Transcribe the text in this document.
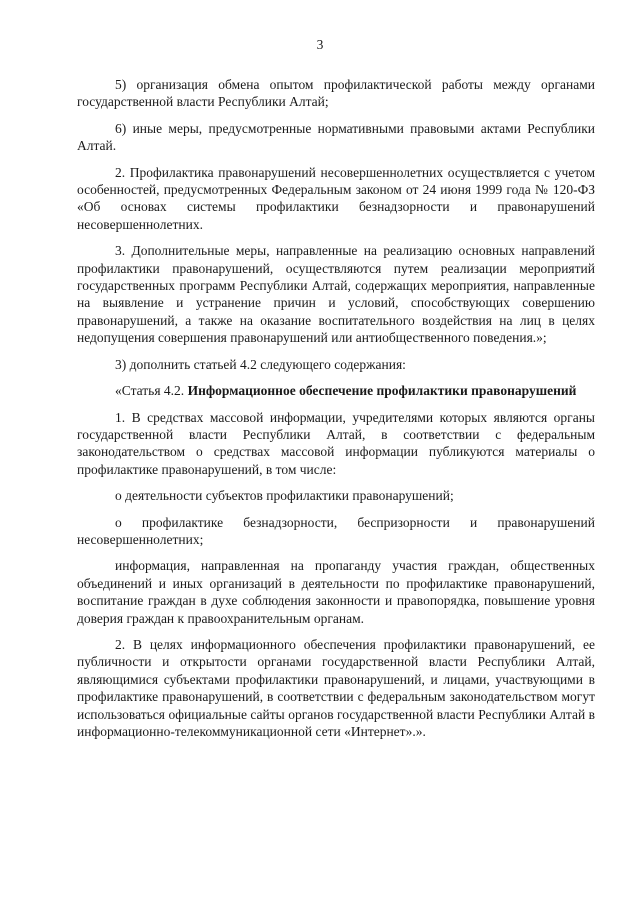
3

5) организация обмена опытом профилактической работы между органами государственной власти Республики Алтай;

6) иные меры, предусмотренные нормативными правовыми актами Республики Алтай.

2. Профилактика правонарушений несовершеннолетних осуществляется с учетом особенностей, предусмотренных Федеральным законом от 24 июня 1999 года № 120-ФЗ «Об основах системы профилактики безнадзорности и правонарушений несовершеннолетних.

3. Дополнительные меры, направленные на реализацию основных направлений профилактики правонарушений, осуществляются путем реализации мероприятий государственных программ Республики Алтай, содержащих мероприятия, направленные на выявление и устранение причин и условий, способствующих совершению правонарушений, а также на оказание воспитательного воздействия на лиц в целях недопущения совершения правонарушений или антиобщественного поведения.»;

3) дополнить статьей 4.2 следующего содержания:

«Статья 4.2. Информационное обеспечение профилактики правонарушений

1. В средствах массовой информации, учредителями которых являются органы государственной власти Республики Алтай, в соответствии с федеральным законодательством о средствах массовой информации публикуются материалы о профилактике правонарушений, в том числе:

о деятельности субъектов профилактики правонарушений;

о профилактике безнадзорности, беспризорности и правонарушений несовершеннолетних;

информация, направленная на пропаганду участия граждан, общественных объединений и иных организаций в деятельности по профилактике правонарушений, воспитание граждан в духе соблюдения законности и правопорядка, повышение уровня доверия граждан к правоохранительным органам.

2. В целях информационного обеспечения профилактики правонарушений, ее публичности и открытости органами государственной власти Республики Алтай, являющимися субъектами профилактики правонарушений, и лицами, участвующими в профилактике правонарушений, в соответствии с федеральным законодательством могут использоваться официальные сайты органов государственной власти Республики Алтай в информационно-телекоммуникационной сети «Интернет».».
